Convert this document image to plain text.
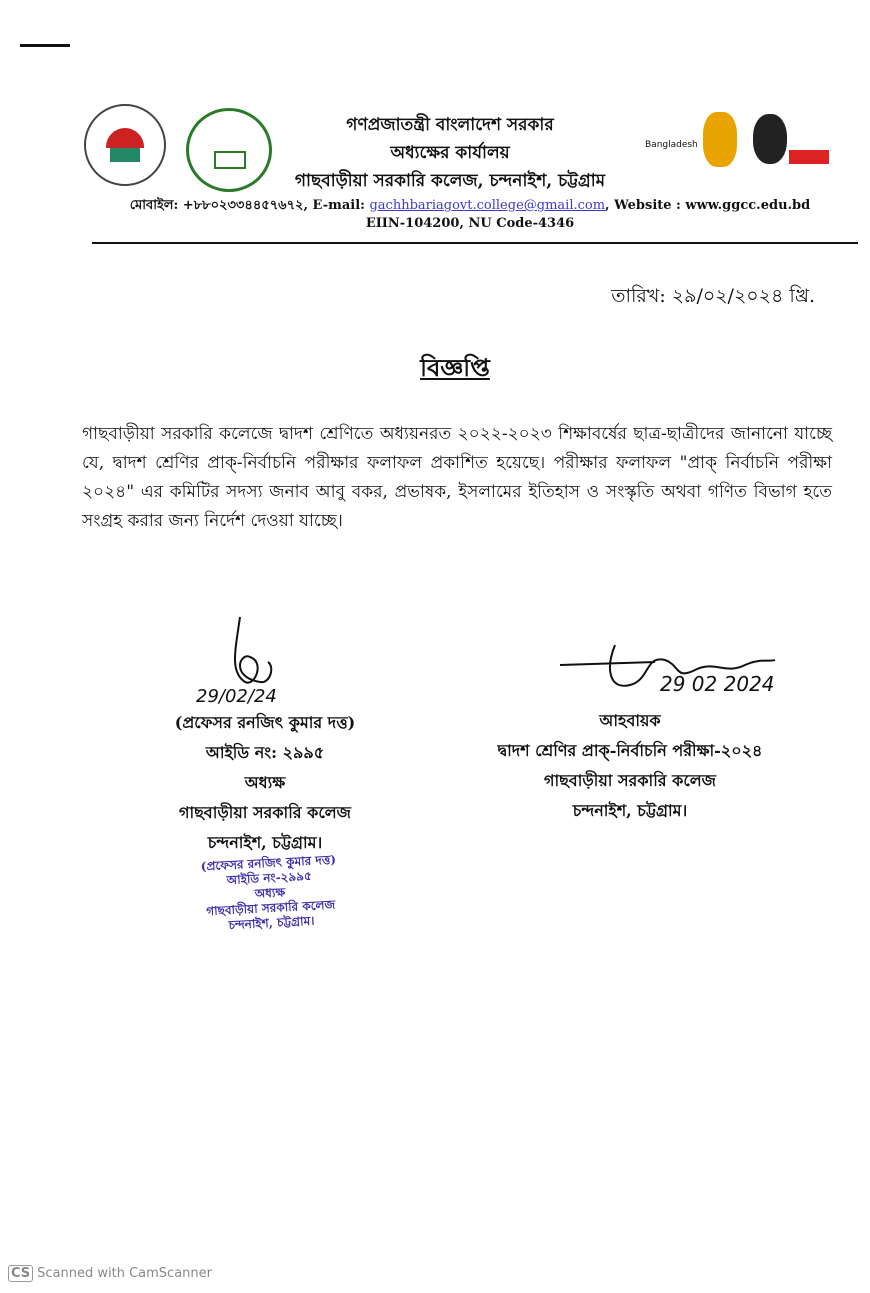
গণপ্রজাতন্ত্রী বাংলাদেশ সরকার
অধ্যক্ষের কার্যালয়
গাছবাড়ীয়া সরকারি কলেজ, চন্দনাইশ, চট্টগ্রাম
Bangladesh
মোবাইল: +৮৮০২৩৩৪৪৫৭৬৭২, E-mail: gachhbariagovt.college@gmail.com, Website : www.ggcc.edu.bd
EIIN-104200, NU Code-4346
তারিখ: ২৯/০২/২০২৪ খ্রি.
বিজ্ঞপ্তি
গাছবাড়ীয়া সরকারি কলেজে দ্বাদশ শ্রেণিতে অধ্যয়নরত ২০২২-২০২৩ শিক্ষাবর্ষের ছাত্র-ছাত্রীদের জানানো যাচ্ছে যে, দ্বাদশ শ্রেণির প্রাক্-নির্বাচনি পরীক্ষার ফলাফল প্রকাশিত হয়েছে। পরীক্ষার ফলাফল "প্রাক্ নির্বাচনি পরীক্ষা ২০২৪" এর কমিটির সদস্য জনাব আবু বকর, প্রভাষক, ইসলামের ইতিহাস ও সংস্কৃতি অথবা গণিত বিভাগ হতে সংগ্রহ করার জন্য নির্দেশ দেওয়া যাচ্ছে।
29/02/24
(প্রফেসর রনজিৎ কুমার দত্ত)
আইডি নং: ২৯৯৫
অধ্যক্ষ
গাছবাড়ীয়া সরকারি কলেজ
চন্দনাইশ, চট্টগ্রাম।
(প্রফেসর রনজিৎ কুমার দত্ত)
আইডি নং-২৯৯৫
অধ্যক্ষ
গাছবাড়ীয়া সরকারি কলেজ
চন্দনাইশ, চট্টগ্রাম।
29 02 2024
আহবায়ক
দ্বাদশ শ্রেণির প্রাক্-নির্বাচনি পরীক্ষা-২০২৪
গাছবাড়ীয়া সরকারি কলেজ
চন্দনাইশ, চট্টগ্রাম।
CS Scanned with CamScanner
